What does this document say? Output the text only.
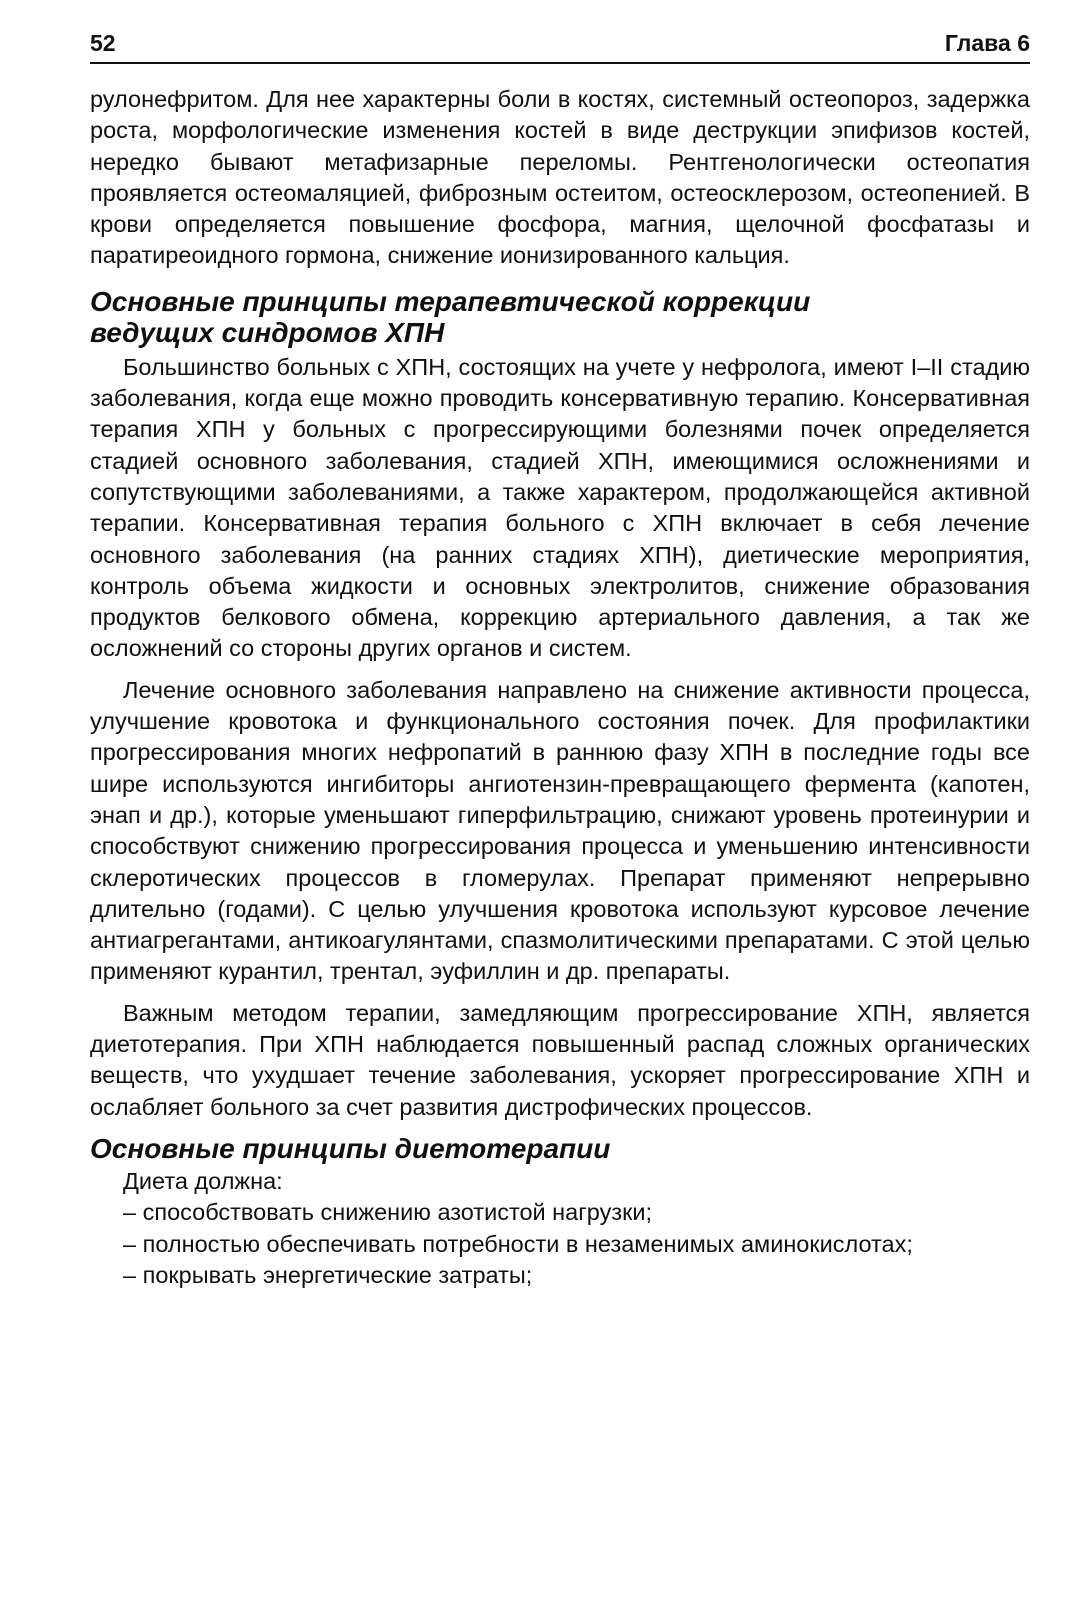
52	Глава 6

рулонефритом. Для нее характерны боли в костях, системный остеопороз, задержка роста, морфологические изменения костей в виде деструкции эпифизов костей, нередко бывают метафизарные переломы. Рентгенологически остеопатия проявляется остеомаляцией, фиброзным остеитом, остеосклерозом, остеопенией. В крови определяется повышение фосфора, магния, щелочной фосфатазы и паратиреоидного гормона, снижение ионизированного кальция.

Основные принципы терапевтической коррекции
ведущих синдромов ХПН

Большинство больных с ХПН, состоящих на учете у нефролога, имеют I–II стадию заболевания, когда еще можно проводить консервативную терапию. Консервативная терапия ХПН у больных с прогрессирующими болезнями почек определяется стадией основного заболевания, стадией ХПН, имеющимися осложнениями и сопутствующими заболеваниями, а также характером, продолжающейся активной терапии. Консервативная терапия больного с ХПН включает в себя лечение основного заболевания (на ранних стадиях ХПН), диетические мероприятия, контроль объема жидкости и основных электролитов, снижение образования продуктов белкового обмена, коррекцию артериального давления, а так же осложнений со стороны других органов и систем.

Лечение основного заболевания направлено на снижение активности процесса, улучшение кровотока и функционального состояния почек. Для профилактики прогрессирования многих нефропатий в раннюю фазу ХПН в последние годы все шире используются ингибиторы ангиотензин-превращающего фермента (капотен, энап и др.), которые уменьшают гиперфильтрацию, снижают уровень протеинурии и способствуют снижению прогрессирования процесса и уменьшению интенсивности склеротических процессов в гломерулах. Препарат применяют непрерывно длительно (годами). С целью улучшения кровотока используют курсовое лечение антиагрегантами, антикоагулянтами, спазмолитическими препаратами. С этой целью применяют курантил, трентал, эуфиллин и др. препараты.

Важным методом терапии, замедляющим прогрессирование ХПН, является диетотерапия. При ХПН наблюдается повышенный распад сложных органических веществ, что ухудшает течение заболевания, ускоряет прогрессирование ХПН и ослабляет больного за счет развития дистрофических процессов.

Основные принципы диетотерапии

Диета должна:

– способствовать снижению азотистой нагрузки;
– полностью обеспечивать потребности в незаменимых аминокислотах;
– покрывать энергетические затраты;
